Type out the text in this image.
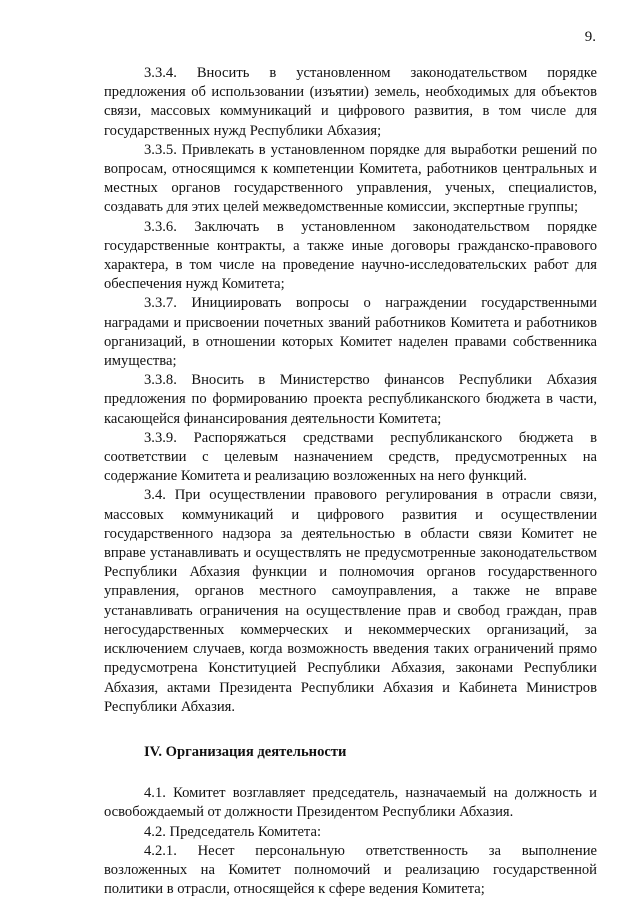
9.

3.3.4. Вносить в установленном законодательством порядке предложения об использовании (изъятии) земель, необходимых для объектов связи, массовых коммуникаций и цифрового развития, в том числе для государственных нужд Республики Абхазия;

3.3.5. Привлекать в установленном порядке для выработки решений по вопросам, относящимся к компетенции Комитета, работников центральных и местных органов государственного управления, ученых, специалистов, создавать для этих целей межведомственные комиссии, экспертные группы;

3.3.6. Заключать в установленном законодательством порядке государственные контракты, а также иные договоры гражданско-правового характера, в том числе на проведение научно-исследовательских работ для обеспечения нужд Комитета;

3.3.7. Инициировать вопросы о награждении государственными наградами и присвоении почетных званий работников Комитета и работников организаций, в отношении которых Комитет наделен правами собственника имущества;

3.3.8. Вносить в Министерство финансов Республики Абхазия предложения по формированию проекта республиканского бюджета в части, касающейся финансирования деятельности Комитета;

3.3.9. Распоряжаться средствами республиканского бюджета в соответствии с целевым назначением средств, предусмотренных на содержание Комитета и реализацию возложенных на него функций.

3.4. При осуществлении правового регулирования в отрасли связи, массовых коммуникаций и цифрового развития и осуществлении государственного надзора за деятельностью в области связи Комитет не вправе устанавливать и осуществлять не предусмотренные законодательством Республики Абхазия функции и полномочия органов государственного управления, органов местного самоуправления, а также не вправе устанавливать ограничения на осуществление прав и свобод граждан, прав негосударственных коммерческих и некоммерческих организаций, за исключением случаев, когда возможность введения таких ограничений прямо предусмотрена Конституцией Республики Абхазия, законами Республики Абхазия, актами Президента Республики Абхазия и Кабинета Министров Республики Абхазия.

IV. Организация деятельности

4.1. Комитет возглавляет председатель, назначаемый на должность и освобождаемый от должности Президентом Республики Абхазия.

4.2. Председатель Комитета:

4.2.1. Несет персональную ответственность за выполнение возложенных на Комитет полномочий и реализацию государственной политики в отрасли, относящейся к сфере ведения Комитета;
